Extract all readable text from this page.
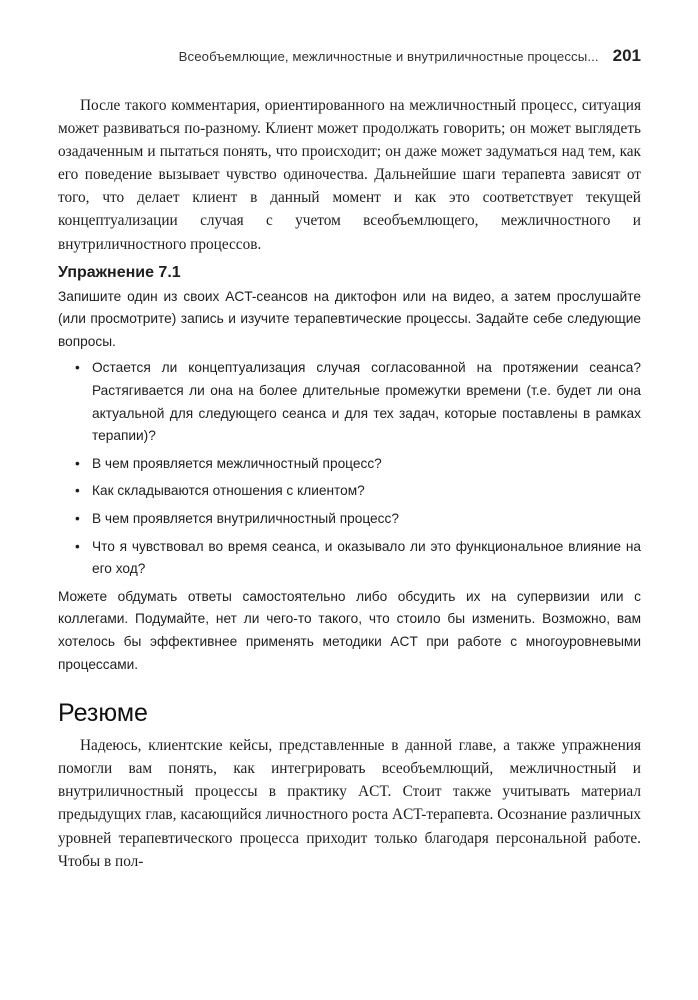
Всеобъемлющие, межличностные и внутриличностные процессы... 201

После такого комментария, ориентированного на межличностный процесс, ситуация может развиваться по-разному. Клиент может продолжать говорить; он может выглядеть озадаченным и пытаться понять, что происходит; он даже может задуматься над тем, как его поведение вызывает чувство одиночества. Дальнейшие шаги терапевта зависят от того, что делает клиент в данный момент и как это соответствует текущей концептуализации случая с учетом всеобъемлющего, межличностного и внутриличностного процессов.

Упражнение 7.1

Запишите один из своих ACT-сеансов на диктофон или на видео, а затем прослушайте (или просмотрите) запись и изучите терапевтические процессы. Задайте себе следующие вопросы.

• Остается ли концептуализация случая согласованной на протяжении сеанса? Растягивается ли она на более длительные промежутки времени (т.е. будет ли она актуальной для следующего сеанса и для тех задач, которые поставлены в рамках терапии)?
• В чем проявляется межличностный процесс?
• Как складываются отношения с клиентом?
• В чем проявляется внутриличностный процесс?
• Что я чувствовал во время сеанса, и оказывало ли это функциональное влияние на его ход?

Можете обдумать ответы самостоятельно либо обсудить их на супервизии или с коллегами. Подумайте, нет ли чего-то такого, что стоило бы изменить. Возможно, вам хотелось бы эффективнее применять методики ACT при работе с многоуровневыми процессами.

Резюме

Надеюсь, клиентские кейсы, представленные в данной главе, а также упражнения помогли вам понять, как интегрировать всеобъемлющий, межличностный и внутриличностный процессы в практику ACT. Стоит также учитывать материал предыдущих глав, касающийся личностного роста ACT-терапевта. Осознание различных уровней терапевтического процесса приходит только благодаря персональной работе. Чтобы в пол-
